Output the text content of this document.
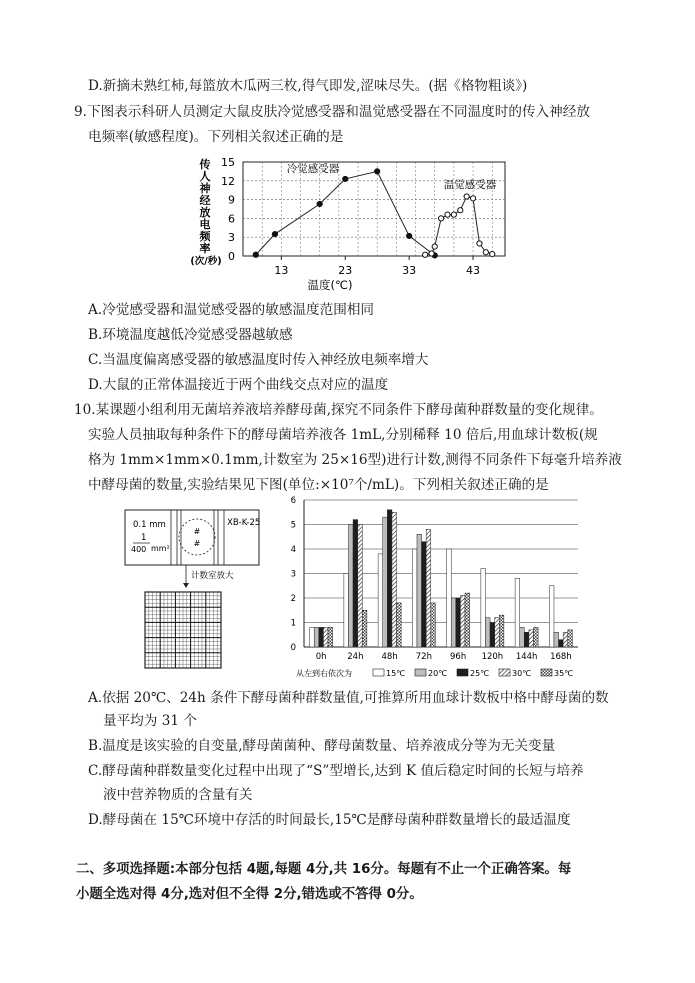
D.新摘未熟红柿,每篮放木瓜两三枚,得气即发,涩味尽失。(据《格物粗谈》)
9.下图表示科研人员测定大鼠皮肤冷觉感受器和温觉感受器在不同温度时的传入神经放
电频率(敏感程度)。下列相关叙述正确的是
传
人
神
经
放
电
频
率
(次/秒) 0
3
6
9
12
15
13	23	33	43
温度(℃)
冷觉感受器
温觉感受器
A.冷觉感受器和温觉感受器的敏感温度范围相同
B.环境温度越低冷觉感受器越敏感
C.当温度偏离感受器的敏感温度时传入神经放电频率增大
D.大鼠的正常体温接近于两个曲线交点对应的温度
10.某课题小组利用无菌培养液培养酵母菌,探究不同条件下酵母菌种群数量的变化规律。
实验人员抽取每种条件下的酵母菌培养液各 1mL,分别稀释 10 倍后,用血球计数板(规
格为 1mm×1mm×0.1mm,计数室为 25×16型)进行计数,测得不同条件下每毫升培养液
中酵母菌的数量,实验结果见下图(单位:×10⁷个/mL)。下列相关叙述正确的是
0.1 mm
1
400 mm²
#
#
XB-K-25
计数室放大
0
1
2
3
4
5
6
0h 24h 48h 72h 96h 120h 144h 168h
从左到右依次为	15℃	20℃	25℃	30℃	35℃
A.依据 20℃、24h 条件下酵母菌种群数量值,可推算所用血球计数板中格中酵母菌的数
量平均为 31 个
B.温度是该实验的自变量,酵母菌菌种、酵母菌数量、培养液成分等为无关变量
C.酵母菌种群数量变化过程中出现了“S”型增长,达到 K 值后稳定时间的长短与培养
液中营养物质的含量有关
D.酵母菌在 15℃环境中存活的时间最长,15℃是酵母菌种群数量增长的最适温度
二、多项选择题:本部分包括 4题,每题 4分,共 16分。每题有不止一个正确答案。每
小题全选对得 4分,选对但不全得 2分,错选或不答得 0分。
